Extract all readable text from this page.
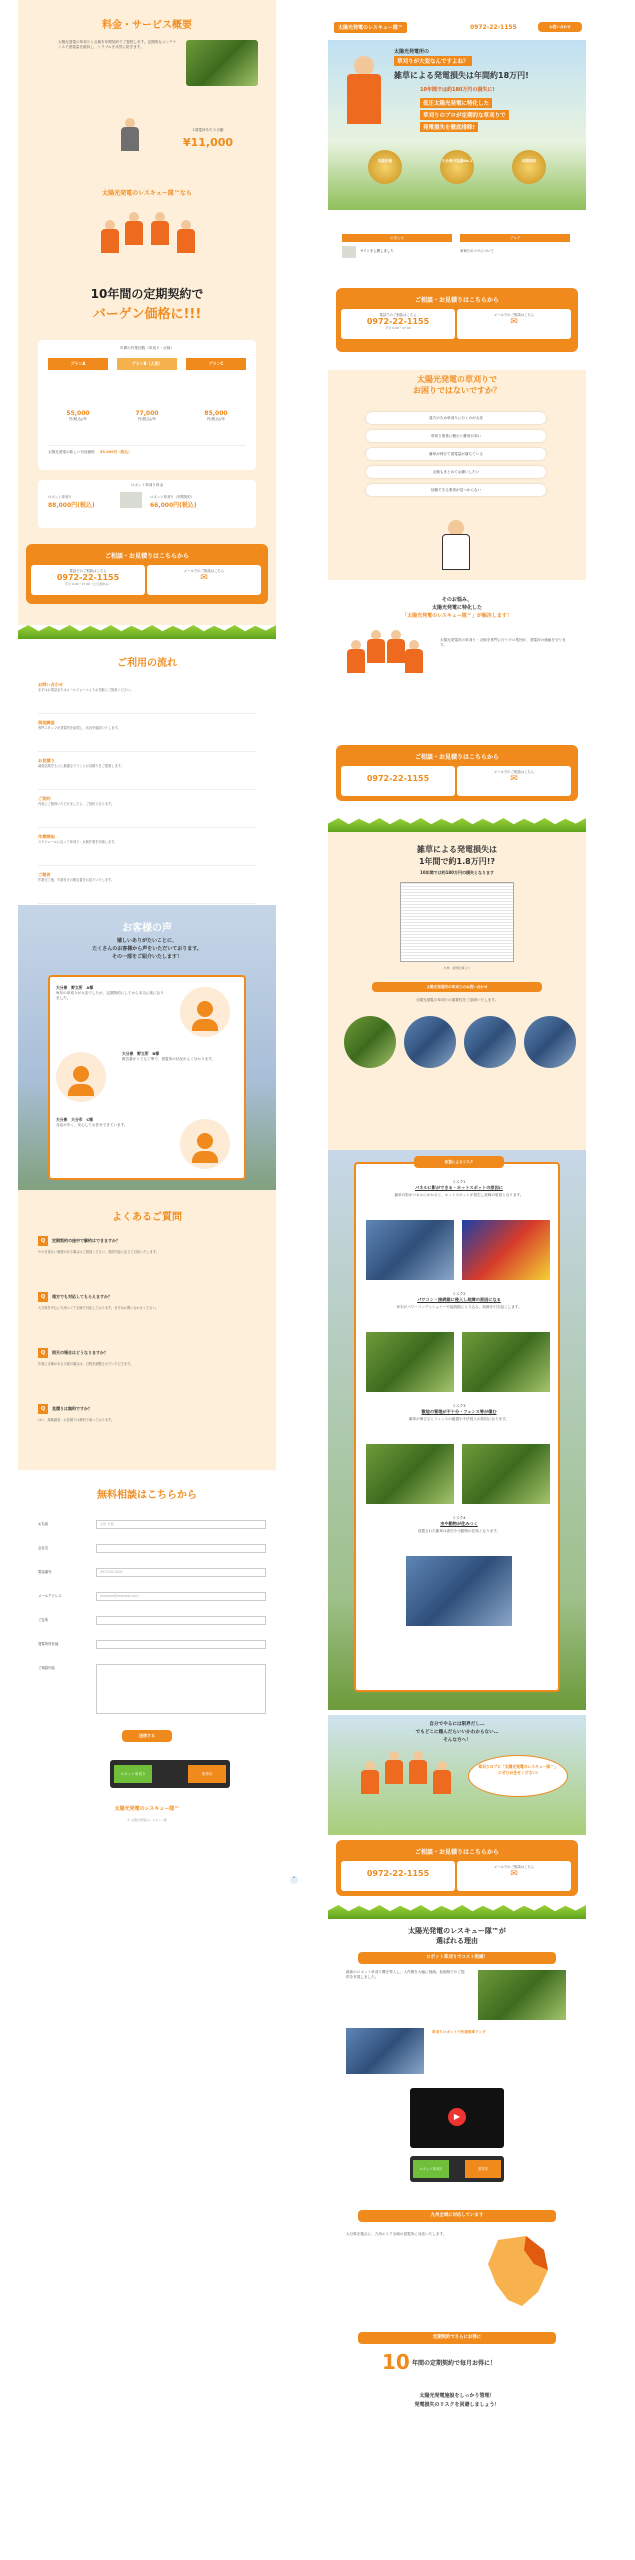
料金・サービス概要
太陽光発電の草刈りと点検を年間契約でご提供します。定期的なメンテナンスで発電量を維持し、トラブルを未然に防ぎます。
1発電所あたり月額
¥11,000
太陽光発電のレスキュー隊™なら
10年間の定期契約で
バーゲン価格に!!!
年間の作業回数（草刈り・点検）
プランA
55,000
円(税込)/年
プランB（人気）
77,000
円(税込)/年
プランC
85,000
円(税込)/年
太陽光発電の新しい付加価格 55,000円（税込）
ロボット草刈り料金
ロボット草刈り
88,000円(税込)
ロボット草刈り（年間契約）
66,000円(税込)
ご相談・お見積りはこちらから
電話でのご相談はこちら
0972-22-1155
平日 9:00〜17:00（土日祝休み）
メールでのご相談はこちら
✉
ご利用の流れ
お問い合わせ
まずはお電話またはメールフォームよりお気軽にご相談ください。
現地調査
専門スタッフが発電所を訪問し、状況を確認いたします。
お見積り
調査結果をもとに最適なプランとお見積りをご提案します。
ご契約
内容にご納得いただけましたら、ご契約となります。
作業開始
スケジュールに沿って草刈り・点検作業を実施します。
ご報告
作業完了後、写真付きの報告書をお送りいたします。
お客様の声
嬉しいありがたいことに、
たくさんのお客様から声をいただいております。
その一部をご紹介いたします！
大分県　野立所　A様
毎年の草刈りが大変でしたが、定期契約にしてから本当に楽になりました。
大分県　野立所　B様
報告書がとても丁寧で、発電所の状況がよく分かります。
大分県　大分市　C様
対応が早く、安心してお任せできています。
よくあるご質問
Q	定期契約の途中で解約はできますか？
やむを得ない事情がある場合はご相談ください。契約内容に応じて対応いたします。
Q	遠方でも対応してもらえますか？
大分県を中心に九州エリア全域で対応しております。まずはお問い合わせください。
Q	雨天の場合はどうなりますか？
作業に支障がある天候の場合は、日程を調整させていただきます。
Q	見積りは無料ですか？
はい、現地調査・お見積りは無料で承っております。
無料相談はこちらから
お名前	山田 太郎
会社名
電話番号	0972-00-0000
メールアドレス	example@example.com
ご住所
発電所所在地
ご相談内容
送信する
ロボット草刈り	業界初
太陽光発電のレスキュー隊™
© 太陽光発電のレスキュー隊
⌃
太陽光発電のレスキュー隊™	0972-22-1155	お問い合わせ
太陽光発電所の
草刈りが大変なんですよね？
雑草による発電損失は年間約18万円!
10年間では約180万円の損失に!
低圧太陽光発電に特化した
草刈りのプロが定期的な草刈りで
発電損失を徹底排除!
実績多数	大分県内実績No.1	年間契約
お知らせ	ブログ
サイトを公開しました	草刈りのコツについて
ご相談・お見積りはこちらから
電話でのご相談はこちら
0972-22-1155
平日 9:00〜17:00
メールでのご相談はこちら
✉
太陽光発電の草刈りで
お困りではないですか？
遠方のため草刈りに行くのが大変
草刈り業者に頼むと費用が高い
雑草が伸びて発電量が落ちている
点検もまとめてお願いしたい
信頼できる業者が見つからない
そのお悩み、
太陽光発電に特化した
「太陽光発電のレスキュー隊™」が解決します！
太陽光発電所の草刈り・点検を専門に行うプロ集団が、発電所の価値を守ります。
ご相談・お見積りはこちらから
0972-22-1155
メールでのご相談はこちら
✉
雑草による発電損失は
1年間で約1.8万円!?
10年間では約180万円の損失となります
出典：新聞記事より
太陽光発電所の草刈りのお問い合わせ
太陽光発電の草刈りの重要性をご説明いたします。
放置によるリスク
リスク1
パネルに影ができる・ホットスポットの原因に
雑草の影がパネルにかかると、ホットスポットが発生し故障の原因となります。
リスク2
パワコン・接続箱に侵入し故障の原因になる
草木がパワーコンディショナーや接続箱に入り込み、故障を引き起こします。
リスク3
敷地の管理が不十分・フェンス等が傷む
雑草が伸びるとフェンスの破損や不法侵入の原因になります。
リスク4
虫や動物が住みつく
放置された雑草は害虫や小動物の住処となります。
自分でやるには限界だし…
でもどこに頼んだらいいかわからない…
そんな方へ！
草刈りのプロ「太陽光発電のレスキュー隊™」にぜひお任せください!
ご相談・お見積りはこちらから
0972-22-1155
メールでのご相談はこちら
✉
太陽光発電のレスキュー隊™が
選ばれる理由
ロボット草刈りでコスト削減！
最新のロボット草刈り機を導入し、人件費を大幅に削減。低価格でのご提供を実現しました。
草刈りロボットで作業効率アップ
▶
ロボット草刈り	業界初
九州全域に対応しています
大分県を拠点に、九州エリア全域の発電所に対応いたします。
定期契約でさらにお得に
10 年間の定期契約で毎月お得に！
太陽光発電施設をしっかり管理！
発電損失のリスクを回避しましょう！
